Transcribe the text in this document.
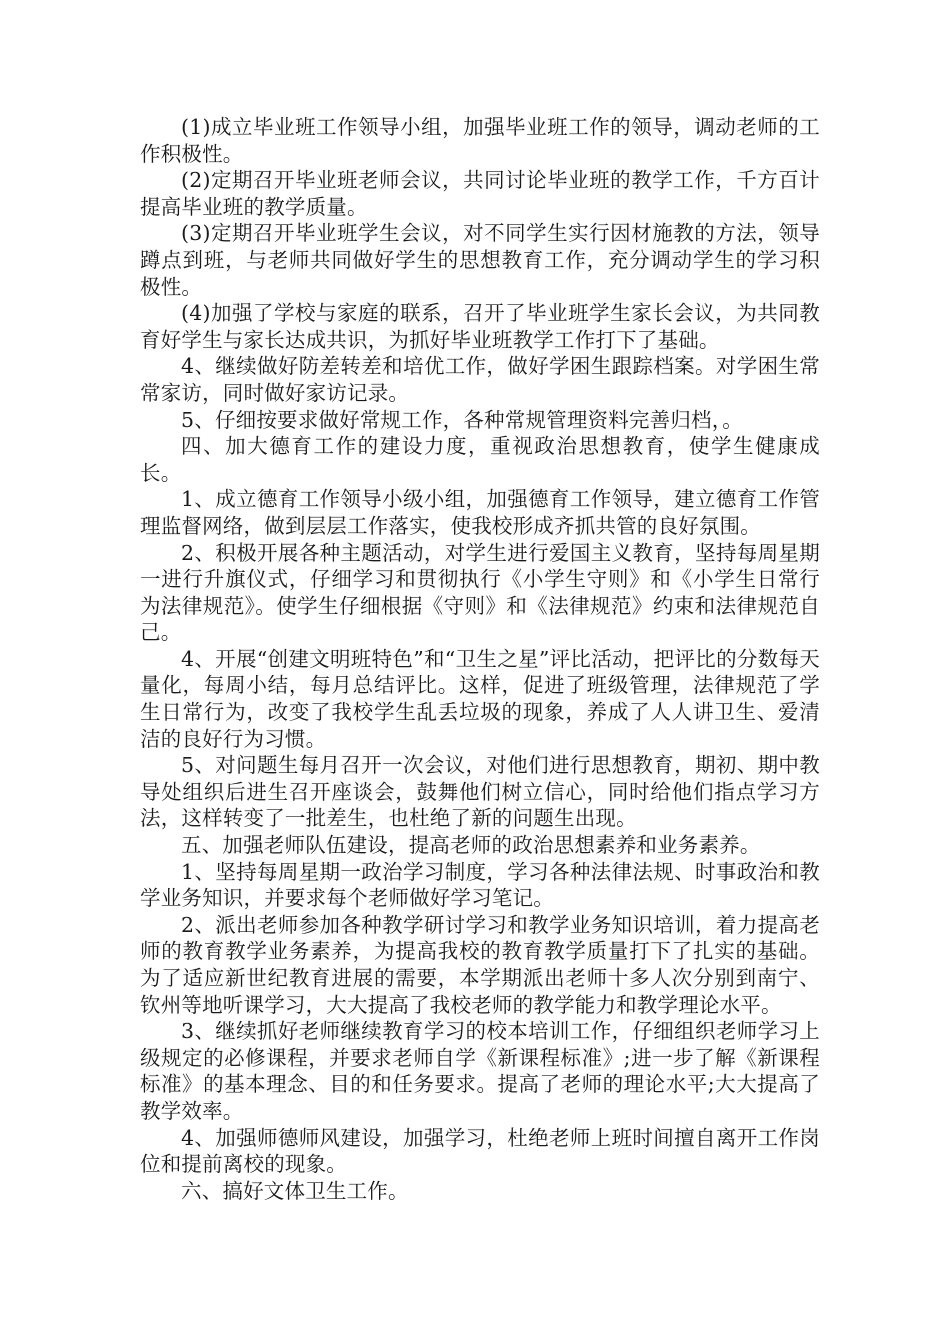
(1)成立毕业班工作领导小组，加强毕业班工作的领导，调动老师的工作积极性。

(2)定期召开毕业班老师会议，共同讨论毕业班的教学工作，千方百计提高毕业班的教学质量。

(3)定期召开毕业班学生会议，对不同学生实行因材施教的方法，领导蹲点到班，与老师共同做好学生的思想教育工作，充分调动学生的学习积极性。

(4)加强了学校与家庭的联系，召开了毕业班学生家长会议，为共同教育好学生与家长达成共识，为抓好毕业班教学工作打下了基础。

4、继续做好防差转差和培优工作，做好学困生跟踪档案。对学困生常常家访，同时做好家访记录。

5、仔细按要求做好常规工作，各种常规管理资料完善归档，。

四、加大德育工作的建设力度，重视政治思想教育，使学生健康成长。

1、成立德育工作领导小级小组，加强德育工作领导，建立德育工作管理监督网络，做到层层工作落实，使我校形成齐抓共管的良好氛围。

2、积极开展各种主题活动，对学生进行爱国主义教育，坚持每周星期一进行升旗仪式，仔细学习和贯彻执行《小学生守则》和《小学生日常行为法律规范》。使学生仔细根据《守则》和《法律规范》约束和法律规范自己。

4、开展“创建文明班特色”和“卫生之星”评比活动，把评比的分数每天量化，每周小结，每月总结评比。这样，促进了班级管理，法律规范了学生日常行为，改变了我校学生乱丢垃圾的现象，养成了人人讲卫生、爱清洁的良好行为习惯。

5、对问题生每月召开一次会议，对他们进行思想教育，期初、期中教导处组织后进生召开座谈会，鼓舞他们树立信心，同时给他们指点学习方法，这样转变了一批差生，也杜绝了新的问题生出现。

五、加强老师队伍建设，提高老师的政治思想素养和业务素养。

1、坚持每周星期一政治学习制度，学习各种法律法规、时事政治和教学业务知识，并要求每个老师做好学习笔记。

2、派出老师参加各种教学研讨学习和教学业务知识培训，着力提高老师的教育教学业务素养，为提高我校的教育教学质量打下了扎实的基础。为了适应新世纪教育进展的需要，本学期派出老师十多人次分别到南宁、钦州等地听课学习，大大提高了我校老师的教学能力和教学理论水平。

3、继续抓好老师继续教育学习的校本培训工作，仔细组织老师学习上级规定的必修课程，并要求老师自学《新课程标准》;进一步了解《新课程标准》的基本理念、目的和任务要求。提高了老师的理论水平;大大提高了教学效率。

4、加强师德师风建设，加强学习，杜绝老师上班时间擅自离开工作岗位和提前离校的现象。

六、搞好文体卫生工作。
